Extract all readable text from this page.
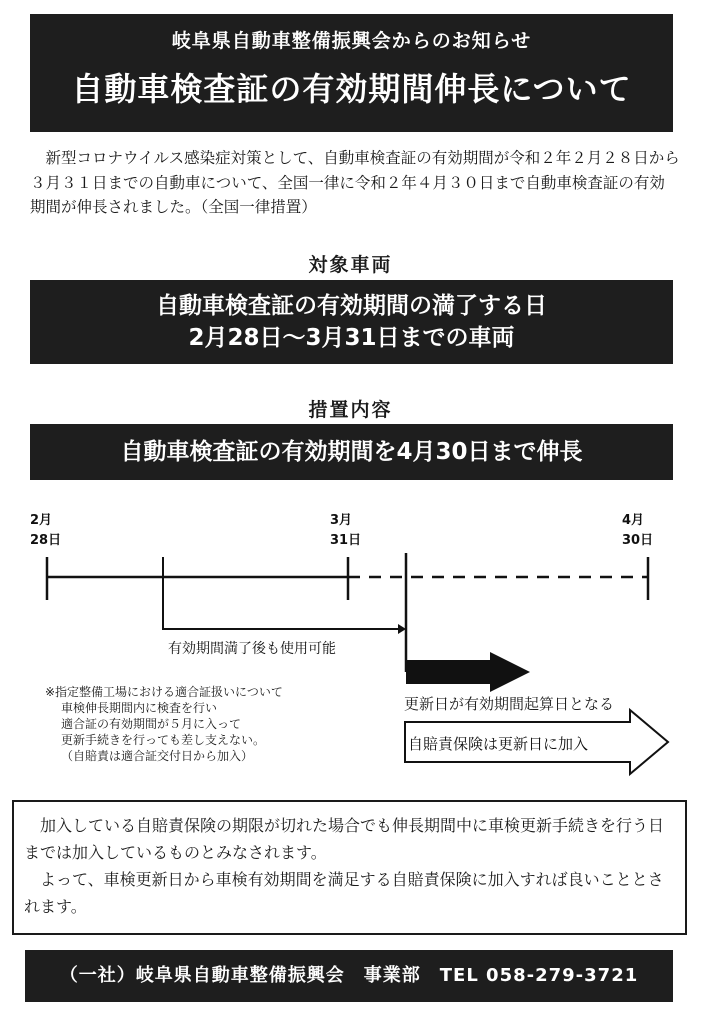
岐阜県自動車整備振興会からのお知らせ
自動車検査証の有効期間伸長について
新型コロナウイルス感染症対策として、自動車検査証の有効期間が令和２年２月２８日から３月３１日までの自動車について、全国一律に令和２年４月３０日まで自動車検査証の有効期間が伸長されました。（全国一律措置）
対象車両
自動車検査証の有効期間の満了する日
2月28日～3月31日までの車両
措置内容
自動車検査証の有効期間を4月30日まで伸長
2月
28日
3月
31日
4月
30日
有効期間満了後も使用可能
更新日が有効期間起算日となる
自賠責保険は更新日に加入
※指定整備工場における適合証扱いについて
車検伸長期間内に検査を行い
適合証の有効期間が５月に入って
更新手続きを行っても差し支えない。
（自賠責は適合証交付日から加入）

加入している自賠責保険の期限が切れた場合でも伸長期間中に車検更新手続きを行う日までは加入しているものとみなされます。

よって、車検更新日から車検有効期間を満足する自賠責保険に加入すれば良いこととされます。

（一社）岐阜県自動車整備振興会　事業部　TEL 058-279-3721
